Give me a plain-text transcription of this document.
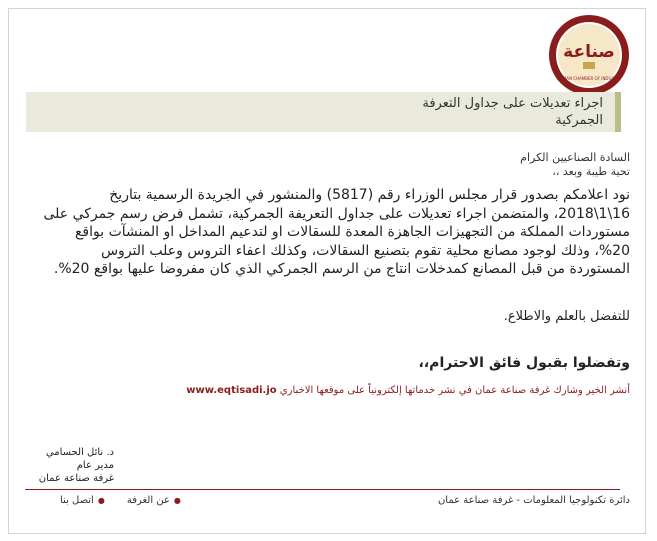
صناعة
AMMAN CHAMBER OF INDUSTRY
اجراء تعديلات على جداول التعرفة
الجمركية
السادة الصناعيين الكرام
تحية طيبة وبعد ،،
نود اعلامكم بصدور قرار مجلس الوزراء رقم (5817) والمنشور في الجريدة الرسمية بتاريخ 16\1\2018، والمتضمن اجراء تعديلات على جداول التعريفة الجمركية، تشمل فرض رسم جمركي على مستوردات المملكة من التجهيزات الجاهزة المعدة للسقالات او لتدعيم المداخل او المنشآت بواقع 20%، وذلك لوجود مصانع محلية تقوم بتصنيع السقالات، وكذلك اعفاء التروس وعلب التروس المستوردة من قبل المصانع كمدخلات انتاج من الرسم الجمركي الذي كان مفروضا عليها بواقع 20%.
للتفضل بالعلم والاطلاع.
وتفضلوا بقبول فائق الاحترام،،
أنشر الخير وشارك غرفة صناعة عمان في نشر خدماتها إلكترونياً على موقعها الاخباري www.eqtisadi.jo
د. نائل الحسامي
مدير عام
غرفة صناعة عمان
دائرة تكنولوجيا المعلومات - غرفة صناعة عمان
●عن الغرفة
●اتصل بنا
